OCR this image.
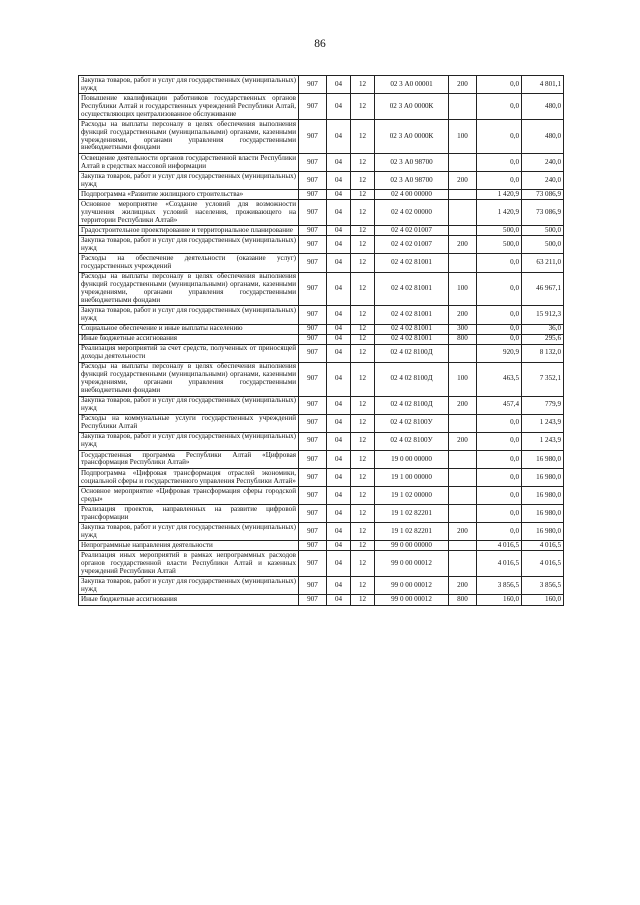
86
Закупка товаров, работ и услуг для государственных (муниципальных) нужд	907	04	12	02 3 А0 00001	200	0,0	4 801,1
Повышение квалификации работников государственных органов Республики Алтай и государственных учреждений Республики Алтай, осуществляющих централизованное обслуживание	907	04	12	02 3 А0 0000К		0,0	480,0
Расходы на выплаты персоналу в целях обеспечения выполнения функций государственными (муниципальными) органами, казенными учреждениями, органами управления государственными внебюджетными фондами	907	04	12	02 3 А0 0000К	100	0,0	480,0
Освещение деятельности органов государственной власти Республики Алтай в средствах массовой информации	907	04	12	02 3 А0 98700		0,0	240,0
Закупка товаров, работ и услуг для государственных (муниципальных) нужд	907	04	12	02 3 А0 98700	200	0,0	240,0
Подпрограмма «Развитие жилищного строительства»	907	04	12	02 4 00 00000		1 420,9	73 086,9
Основное мероприятие «Создание условий для возможности улучшения жилищных условий населения, проживающего на территории Республики Алтай»	907	04	12	02 4 02 00000		1 420,9	73 086,9
Градостроительное проектирование и территориальное планирование	907	04	12	02 4 02 01007		500,0	500,0
Закупка товаров, работ и услуг для государственных (муниципальных) нужд	907	04	12	02 4 02 01007	200	500,0	500,0
Расходы на обеспечение деятельности (оказание услуг) государственных учреждений	907	04	12	02 4 02 81001		0,0	63 211,0
Расходы на выплаты персоналу в целях обеспечения выполнения функций государственными (муниципальными) органами, казенными учреждениями, органами управления государственными внебюджетными фондами	907	04	12	02 4 02 81001	100	0,0	46 967,1
Закупка товаров, работ и услуг для государственных (муниципальных) нужд	907	04	12	02 4 02 81001	200	0,0	15 912,3
Социальное обеспечение и иные выплаты населению	907	04	12	02 4 02 81001	300	0,0	36,0
Иные бюджетные ассигнования	907	04	12	02 4 02 81001	800	0,0	295,6
Реализация мероприятий за счет средств, полученных от приносящей доходы деятельности	907	04	12	02 4 02 8100Д		920,9	8 132,0
Расходы на выплаты персоналу в целях обеспечения выполнения функций государственными (муниципальными) органами, казенными учреждениями, органами управления государственными внебюджетными фондами	907	04	12	02 4 02 8100Д	100	463,5	7 352,1
Закупка товаров, работ и услуг для государственных (муниципальных) нужд	907	04	12	02 4 02 8100Д	200	457,4	779,9
Расходы на коммунальные услуги государственных учреждений Республики Алтай	907	04	12	02 4 02 8100У		0,0	1 243,9
Закупка товаров, работ и услуг для государственных (муниципальных) нужд	907	04	12	02 4 02 8100У	200	0,0	1 243,9
Государственная программа Республики Алтай «Цифровая трансформация Республики Алтай»	907	04	12	19 0 00 00000		0,0	16 980,0
Подпрограмма «Цифровая трансформация отраслей экономики, социальной сферы и государственного управления Республики Алтай»	907	04	12	19 1 00 00000		0,0	16 980,0
Основное мероприятие «Цифровая трансформация сферы городской среды»	907	04	12	19 1 02 00000		0,0	16 980,0
Реализация проектов, направленных на развитие цифровой трансформации	907	04	12	19 1 02 82201		0,0	16 980,0
Закупка товаров, работ и услуг для государственных (муниципальных) нужд	907	04	12	19 1 02 82201	200	0,0	16 980,0
Непрограммные направления деятельности	907	04	12	99 0 00 00000		4 016,5	4 016,5
Реализация иных мероприятий в рамках непрограммных расходов органов государственной власти Республики Алтай и казенных учреждений Республики Алтай	907	04	12	99 0 00 00012		4 016,5	4 016,5
Закупка товаров, работ и услуг для государственных (муниципальных) нужд	907	04	12	99 0 00 00012	200	3 856,5	3 856,5
Иные бюджетные ассигнования	907	04	12	99 0 00 00012	800	160,0	160,0
